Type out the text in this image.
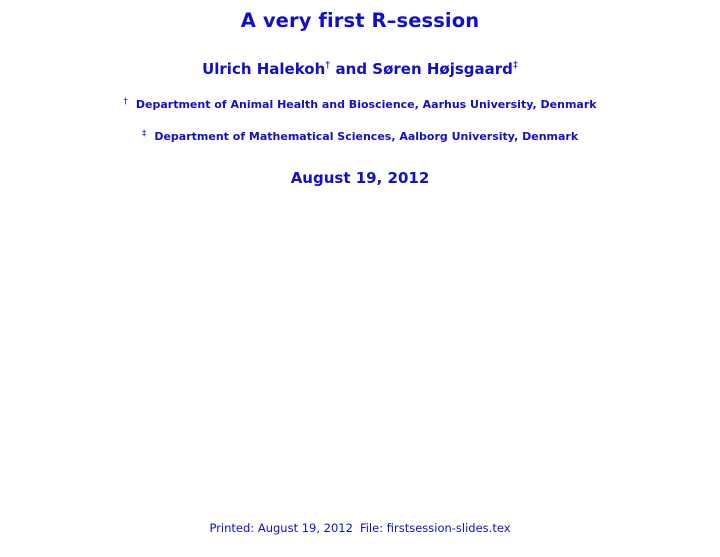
A very first R–session
Ulrich Halekoh† and Søren Højsgaard‡
† Department of Animal Health and Bioscience, Aarhus University, Denmark
‡ Department of Mathematical Sciences, Aalborg University, Denmark
August 19, 2012
Printed: August 19, 2012 File: firstsession-slides.tex
